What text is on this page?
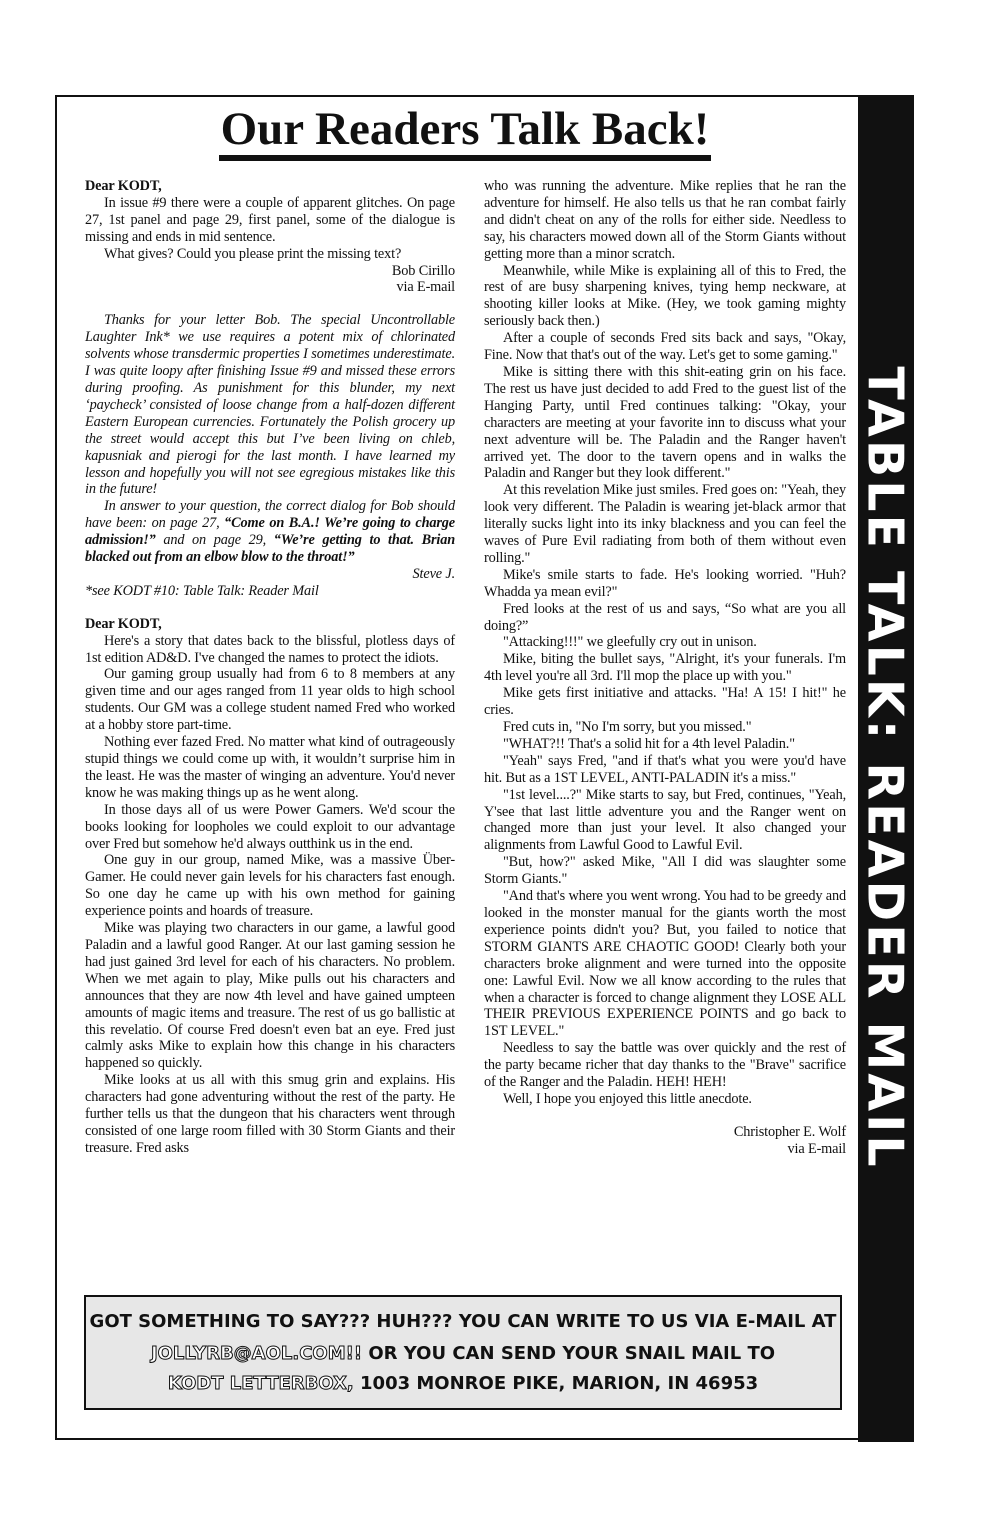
TABLE TALK: READER MAIL
Our Readers Talk Back!

Dear KODT,

In issue #9 there were a couple of apparent glitches. On page 27, 1st panel and page 29, first panel, some of the dialogue is missing and ends in mid sentence.

What gives? Could you please print the missing text?

Bob Cirillo

via E-mail

Thanks for your letter Bob. The special Uncontrollable Laughter Ink* we use requires a potent mix of chlorinated solvents whose transdermic properties I sometimes underestimate. I was quite loopy after finishing Issue #9 and missed these errors during proofing. As punishment for this blunder, my next ‘paycheck’ consisted of loose change from a half-dozen different Eastern European currencies. Fortunately the Polish grocery up the street would accept this but I’ve been living on chleb, kapusniak and pierogi for the last month. I have learned my lesson and hopefully you will not see egregious mistakes like this in the future!

In answer to your question, the correct dialog for Bob should have been: on page 27, “Come on B.A.! We’re going to charge admission!” and on page 29, “We’re getting to that. Brian blacked out from an elbow blow to the throat!”

Steve J.

*see KODT #10: Table Talk: Reader Mail

Dear KODT,

Here's a story that dates back to the blissful, plotless days of 1st edition AD&D. I've changed the names to protect the idiots.

Our gaming group usually had from 6 to 8 members at any given time and our ages ranged from 11 year olds to high school students. Our GM was a college student named Fred who worked at a hobby store part-time.

Nothing ever fazed Fred. No matter what kind of outrageously stupid things we could come up with, it wouldn’t surprise him in the least. He was the master of winging an adventure. You'd never know he was making things up as he went along.

In those days all of us were Power Gamers. We'd scour the books looking for loopholes we could exploit to our advantage over Fred but somehow he'd always outthink us in the end.

One guy in our group, named Mike, was a massive Über-Gamer. He could never gain levels for his characters fast enough. So one day he came up with his own method for gaining experience points and hoards of treasure.

Mike was playing two characters in our game, a lawful good Paladin and a lawful good Ranger. At our last gaming session he had just gained 3rd level for each of his characters. No problem. When we met again to play, Mike pulls out his characters and announces that they are now 4th level and have gained umpteen amounts of magic items and treasure. The rest of us go ballistic at this revelatio. Of course Fred doesn't even bat an eye. Fred just calmly asks Mike to explain how this change in his characters happened so quickly.

Mike looks at us all with this smug grin and explains. His characters had gone adventuring without the rest of the party. He further tells us that the dungeon that his characters went through consisted of one large room filled with 30 Storm Giants and their treasure. Fred asks

who was running the adventure. Mike replies that he ran the adventure for himself. He also tells us that he ran combat fairly and didn't cheat on any of the rolls for either side. Needless to say, his characters mowed down all of the Storm Giants without getting more than a minor scratch.

Meanwhile, while Mike is explaining all of this to Fred, the rest of are busy sharpening knives, tying hemp neckware, at shooting killer looks at Mike. (Hey, we took gaming mighty seriously back then.)

After a couple of seconds Fred sits back and says, "Okay, Fine. Now that that's out of the way. Let's get to some gaming."

Mike is sitting there with this shit-eating grin on his face. The rest us have just decided to add Fred to the guest list of the Hanging Party, until Fred continues talking: "Okay, your characters are meeting at your favorite inn to discuss what your next adventure will be. The Paladin and the Ranger haven't arrived yet. The door to the tavern opens and in walks the Paladin and Ranger but they look different."

At this revelation Mike just smiles. Fred goes on: "Yeah, they look very different. The Paladin is wearing jet-black armor that literally sucks light into its inky blackness and you can feel the waves of Pure Evil radiating from both of them without even rolling."

Mike's smile starts to fade. He's looking worried. "Huh? Whadda ya mean evil?"

Fred looks at the rest of us and says, “So what are you all doing?”

"Attacking!!!" we gleefully cry out in unison.

Mike, biting the bullet says, "Alright, it's your funerals. I'm 4th level you're all 3rd. I'll mop the place up with you."

Mike gets first initiative and attacks. "Ha! A 15! I hit!" he cries.

Fred cuts in, "No I'm sorry, but you missed."

"WHAT?!! That's a solid hit for a 4th level Paladin."

"Yeah" says Fred, "and if that's what you were you'd have hit. But as a 1ST LEVEL, ANTI-PALADIN it's a miss."

"1st level....?" Mike starts to say, but Fred, continues, "Yeah, Y'see that last little adventure you and the Ranger went on changed more than just your level. It also changed your alignments from Lawful Good to Lawful Evil.

"But, how?" asked Mike, "All I did was slaughter some Storm Giants."

"And that's where you went wrong. You had to be greedy and looked in the monster manual for the giants worth the most experience points didn't you? But, you failed to notice that STORM GIANTS ARE CHAOTIC GOOD! Clearly both your characters broke alignment and were turned into the opposite one: Lawful Evil. Now we all know according to the rules that when a character is forced to change alignment they LOSE ALL THEIR PREVIOUS EXPERIENCE POINTS and go back to 1ST LEVEL."

Needless to say the battle was over quickly and the rest of the party became richer that day thanks to the "Brave" sacrifice of the Ranger and the Paladin. HEH! HEH!

Well, I hope you enjoyed this little anecdote.

Christopher E. Wolf

via E-mail

GOT SOMETHING TO SAY??? HUH??? YOU CAN WRITE TO US VIA E-MAIL AT
JOLLYRB@AOL.COM!! OR YOU CAN SEND YOUR SNAIL MAIL TO
KODT LETTERBOX, 1003 MONROE PIKE, MARION, IN 46953
